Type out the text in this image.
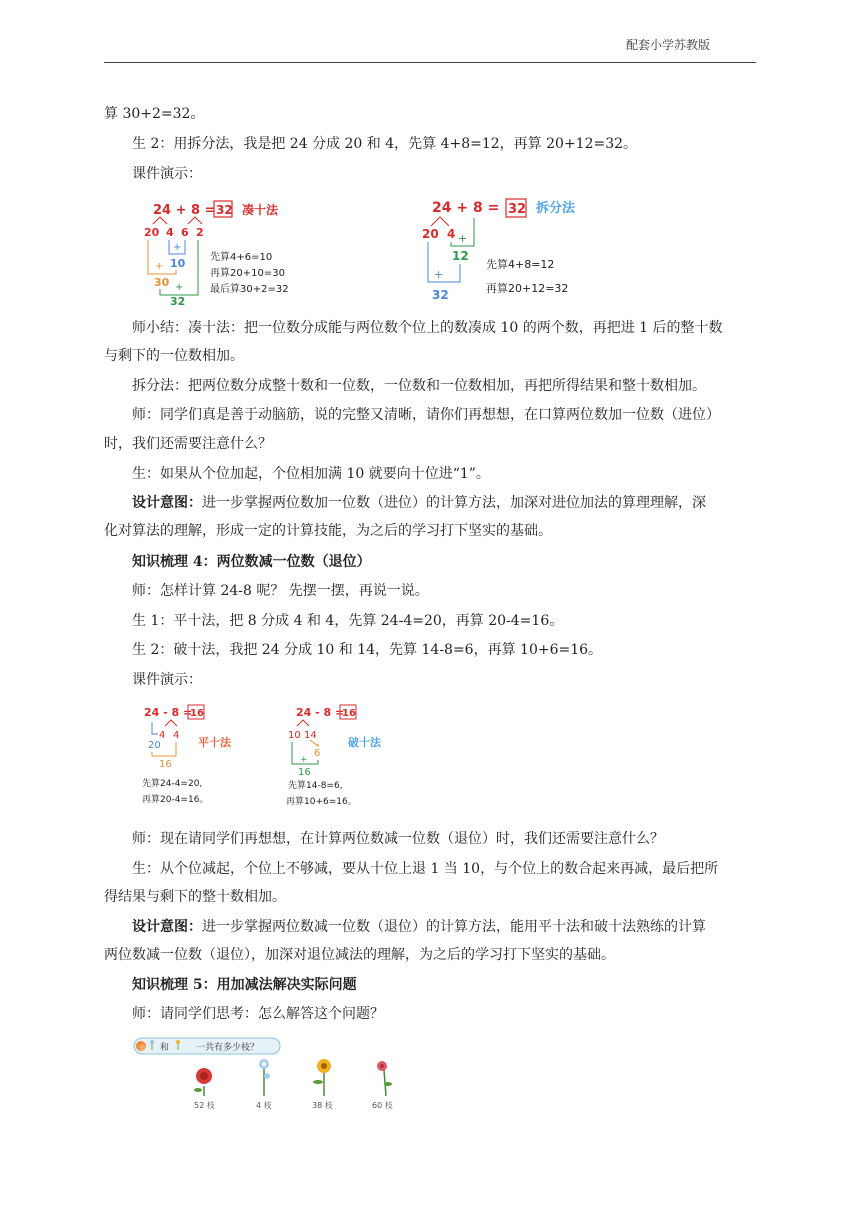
配套小学苏教版
算 30+2=32。
生 2：用拆分法，我是把 24 分成 20 和 4，先算 4+8=12，再算 20+12=32。
课件演示：
24 + 8 = 32 凑十法
20 4 6 2
+
10
+
30 +
32
先算4+6=10
再算20+10=30
最后算30+2=32
24 + 8 = 32 拆分法
20 4 +
12
+
32
先算4+8=12
再算20+12=32
师小结：凑十法：把一位数分成能与两位数个位上的数凑成 10 的两个数，再把进 1 后的整十数
与剩下的一位数相加。
拆分法：把两位数分成整十数和一位数，一位数和一位数相加，再把所得结果和整十数相加。
师：同学们真是善于动脑筋，说的完整又清晰，请你们再想想，在口算两位数加一位数（进位）
时，我们还需要注意什么？
生：如果从个位加起，个位相加满 10 就要向十位进“1”。
设计意图：进一步掌握两位数加一位数（进位）的计算方法，加深对进位加法的算理理解，深
化对算法的理解，形成一定的计算技能，为之后的学习打下坚实的基础。
知识梳理 4：两位数减一位数（退位）
师：怎样计算 24-8 呢？ 先摆一摆，再说一说。
生 1：平十法，把 8 分成 4 和 4，先算 24-4=20，再算 20-4=16。
生 2：破十法，我把 24 分成 10 和 14，先算 14-8=6，再算 10+6=16。
课件演示：
24 - 8 =
16
4 4
20
16
平十法
先算24-4=20,
再算20-4=16。
24 - 8 =
16
10 14
6
+
16
破十法
先算14-8=6,
再算10+6=16。
师：现在请同学们再想想，在计算两位数减一位数（退位）时，我们还需要注意什么？
生：从个位减起，个位上不够减，要从十位上退 1 当 10，与个位上的数合起来再减，最后把所
得结果与剩下的整十数相加。
设计意图：进一步掌握两位数减一位数（退位）的计算方法，能用平十法和破十法熟练的计算
两位数减一位数（退位），加深对退位减法的理解，为之后的学习打下坚实的基础。
知识梳理 5：用加减法解决实际问题
师：请同学们思考：怎么解答这个问题？
◎ 和	一共有多少枝？
52 枝	4 枝	38 枝	60 枝
